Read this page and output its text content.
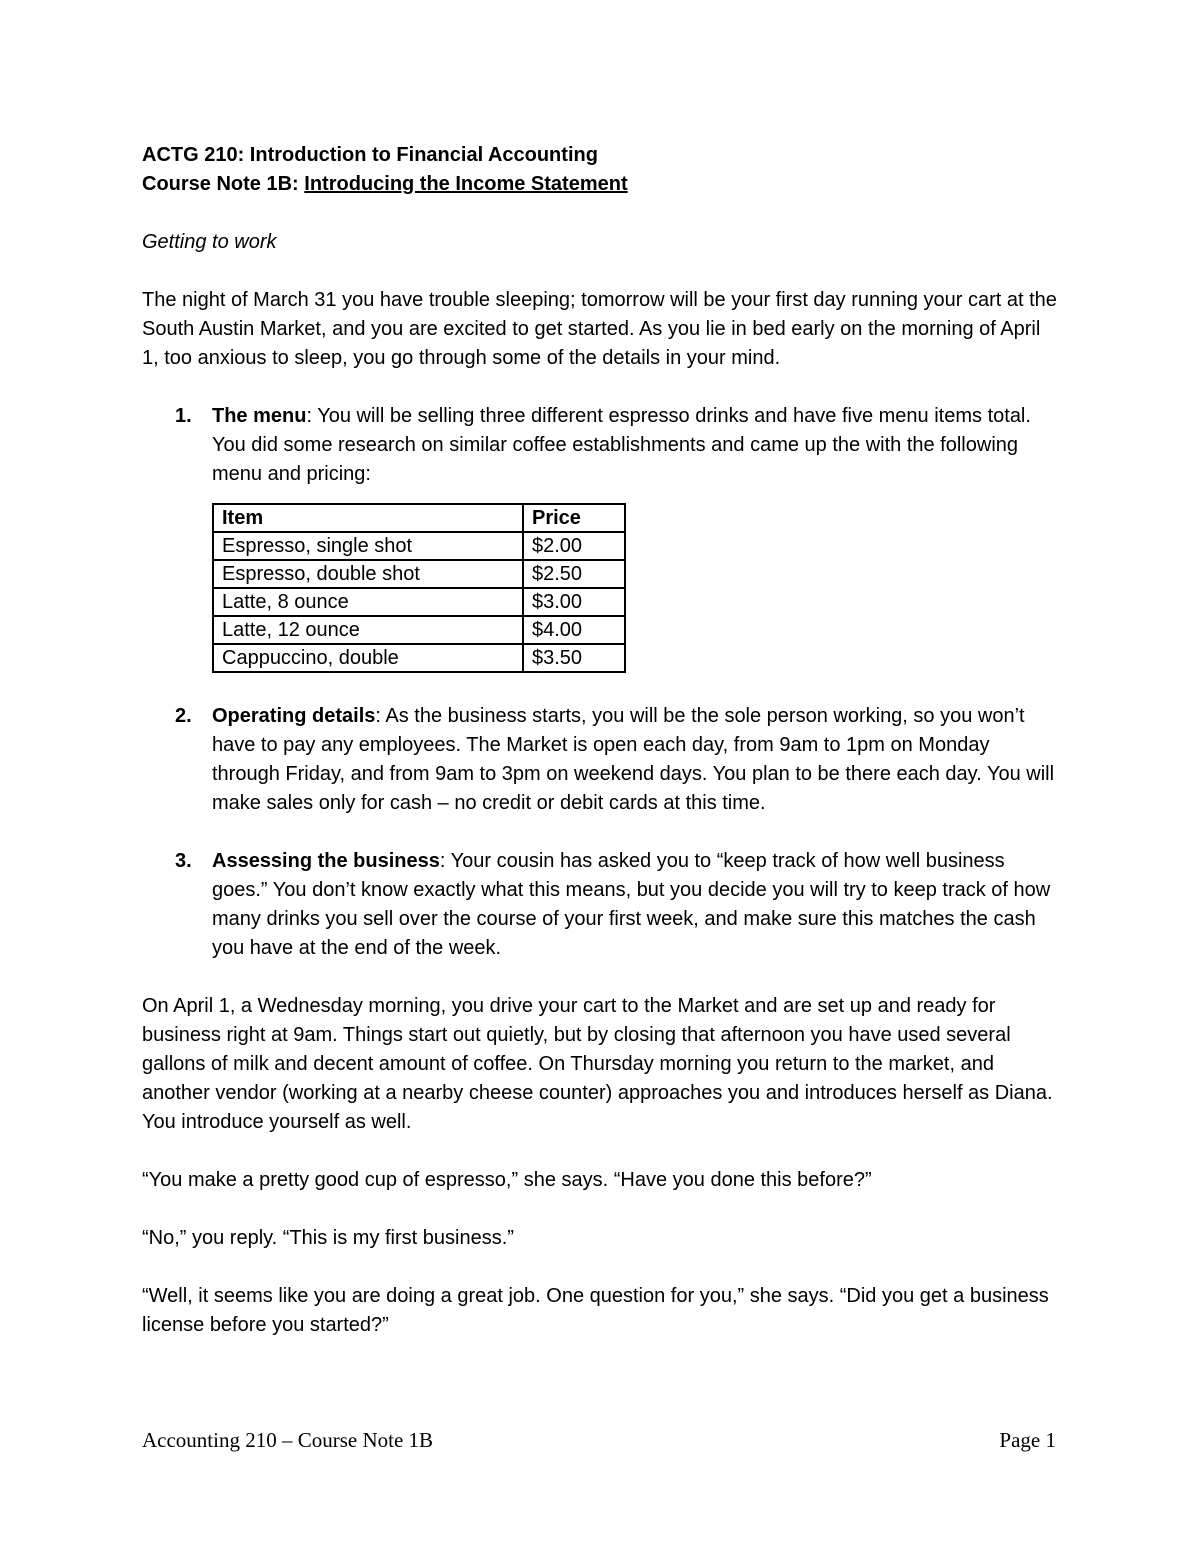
ACTG 210: Introduction to Financial Accounting

Course Note 1B: Introducing the Income Statement

Getting to work

The night of March 31 you have trouble sleeping; tomorrow will be your first day running your cart at the South Austin Market, and you are excited to get started. As you lie in bed early on the morning of April 1, too anxious to sleep, you go through some of the details in your mind.

1. The menu: You will be selling three different espresso drinks and have five menu items total. You did some research on similar coffee establishments and came up the with the following menu and pricing:
Item	Price
Espresso, single shot	$2.00
Espresso, double shot	$2.50
Latte, 8 ounce	$3.00
Latte, 12 ounce	$4.00
Cappuccino, double	$3.50
2. Operating details: As the business starts, you will be the sole person working, so you won’t have to pay any employees. The Market is open each day, from 9am to 1pm on Monday through Friday, and from 9am to 3pm on weekend days. You plan to be there each day. You will make sales only for cash – no credit or debit cards at this time.
3. Assessing the business: Your cousin has asked you to “keep track of how well business goes.” You don’t know exactly what this means, but you decide you will try to keep track of how many drinks you sell over the course of your first week, and make sure this matches the cash you have at the end of the week.

On April 1, a Wednesday morning, you drive your cart to the Market and are set up and ready for business right at 9am. Things start out quietly, but by closing that afternoon you have used several gallons of milk and decent amount of coffee. On Thursday morning you return to the market, and another vendor (working at a nearby cheese counter) approaches you and introduces herself as Diana. You introduce yourself as well.

“You make a pretty good cup of espresso,” she says. “Have you done this before?”

“No,” you reply. “This is my first business.”

“Well, it seems like you are doing a great job. One question for you,” she says. “Did you get a business license before you started?”

Accounting 210 – Course Note 1B	Page 1
